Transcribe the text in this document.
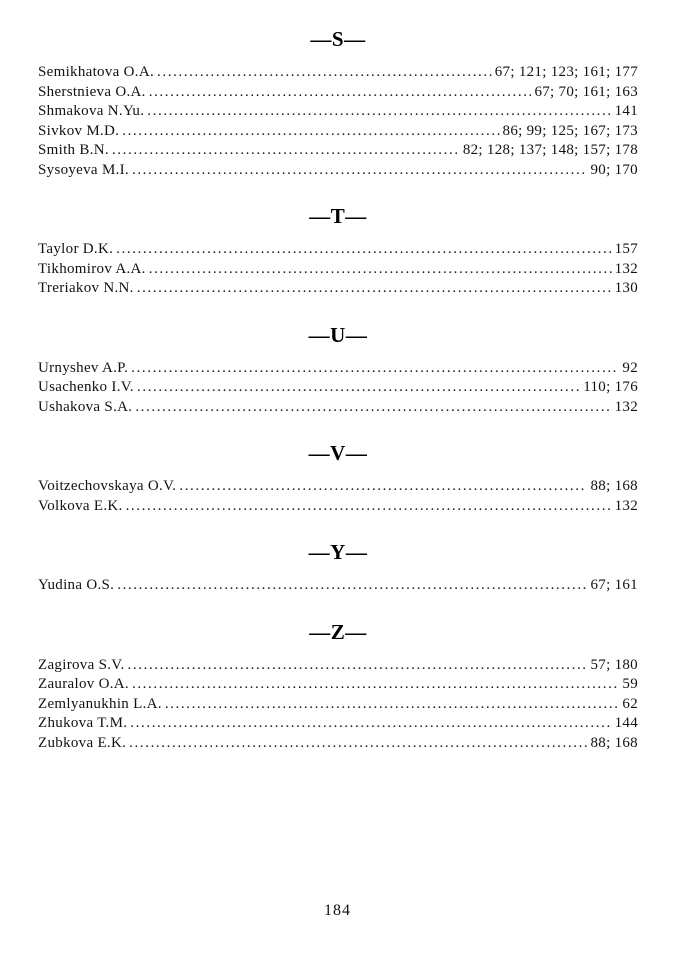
—S—
Semikhatova O.A. .....	67; 121; 123; 161; 177
Sherstnieva O.A. .....	67; 70; 161; 163
Shmakova N.Yu. .....	141
Sivkov M.D. .....	86; 99; 125; 167; 173
Smith B.N. .....	82; 128; 137; 148; 157; 178
Sysoyeva M.I. .....	90; 170
—T—
Taylor D.K. .....	157
Tikhomirov A.A. .....	132
Treriakov N.N. .....	130
—U—
Urnyshev A.P. .....	92
Usachenko I.V. .....	110; 176
Ushakova S.A. .....	132
—V—
Voitzechovskaya O.V. .....	88; 168
Volkova E.K. .....	132
—Y—
Yudina O.S. .....	67; 161
—Z—
Zagirova S.V. .....	57; 180
Zauralov O.A. .....	59
Zemlyanukhin L.A. .....	62
Zhukova T.M. .....	144
Zubkova E.K. .....	88; 168
184
